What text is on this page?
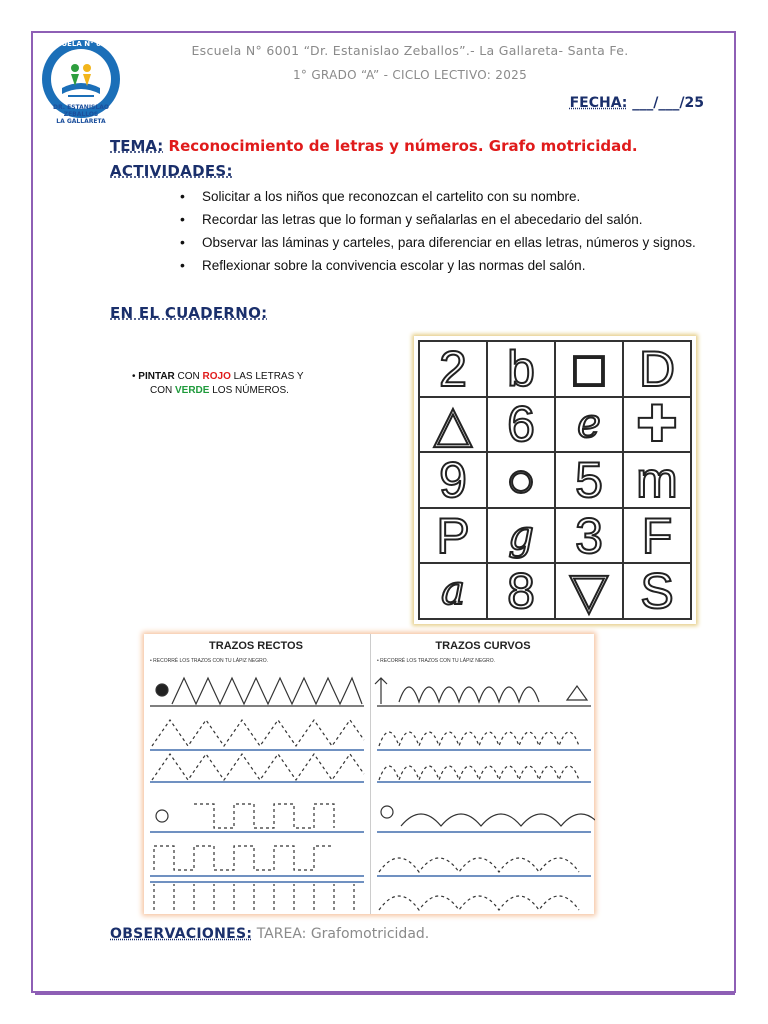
DR. ESTANISLAO ZEBALLOS
LA GALLARETA
ESCUELA N° 6001	Escuela N° 6001 “Dr. Estanislao Zeballos”.- La Gallareta- Santa Fe.
1° GRADO “A” - CICLO LECTIVO: 2025
FECHA: ___/___/25
TEMA: Reconocimiento de letras y números. Grafo motricidad.
ACTIVIDADES:
• Solicitar a los niños que reconozcan el cartelito con su nombre.
• Recordar las letras que lo forman y señalarlas en el abecedario del salón.
• Observar las láminas y carteles, para diferenciar en ellas letras, números y signos.
• Reflexionar sobre la convivencia escolar y las normas del salón.
EN EL CUADERNO:
• PINTAR CON ROJO LAS LETRAS Y
CON VERDE LOS NÚMEROS.	2 b □ D
△ 6	e ✚
9 ○ 5 m
P g 3 F
a 8 ▽ S
TRAZOS RECTOS
• RECORRÉ LOS TRAZOS CON TU LÁPIZ NEGRO.
TRAZOS CURVOS
• RECORRÉ LOS TRAZOS CON TU LÁPIZ NEGRO.
OBSERVACIONES: TAREA: Grafomotricidad.
